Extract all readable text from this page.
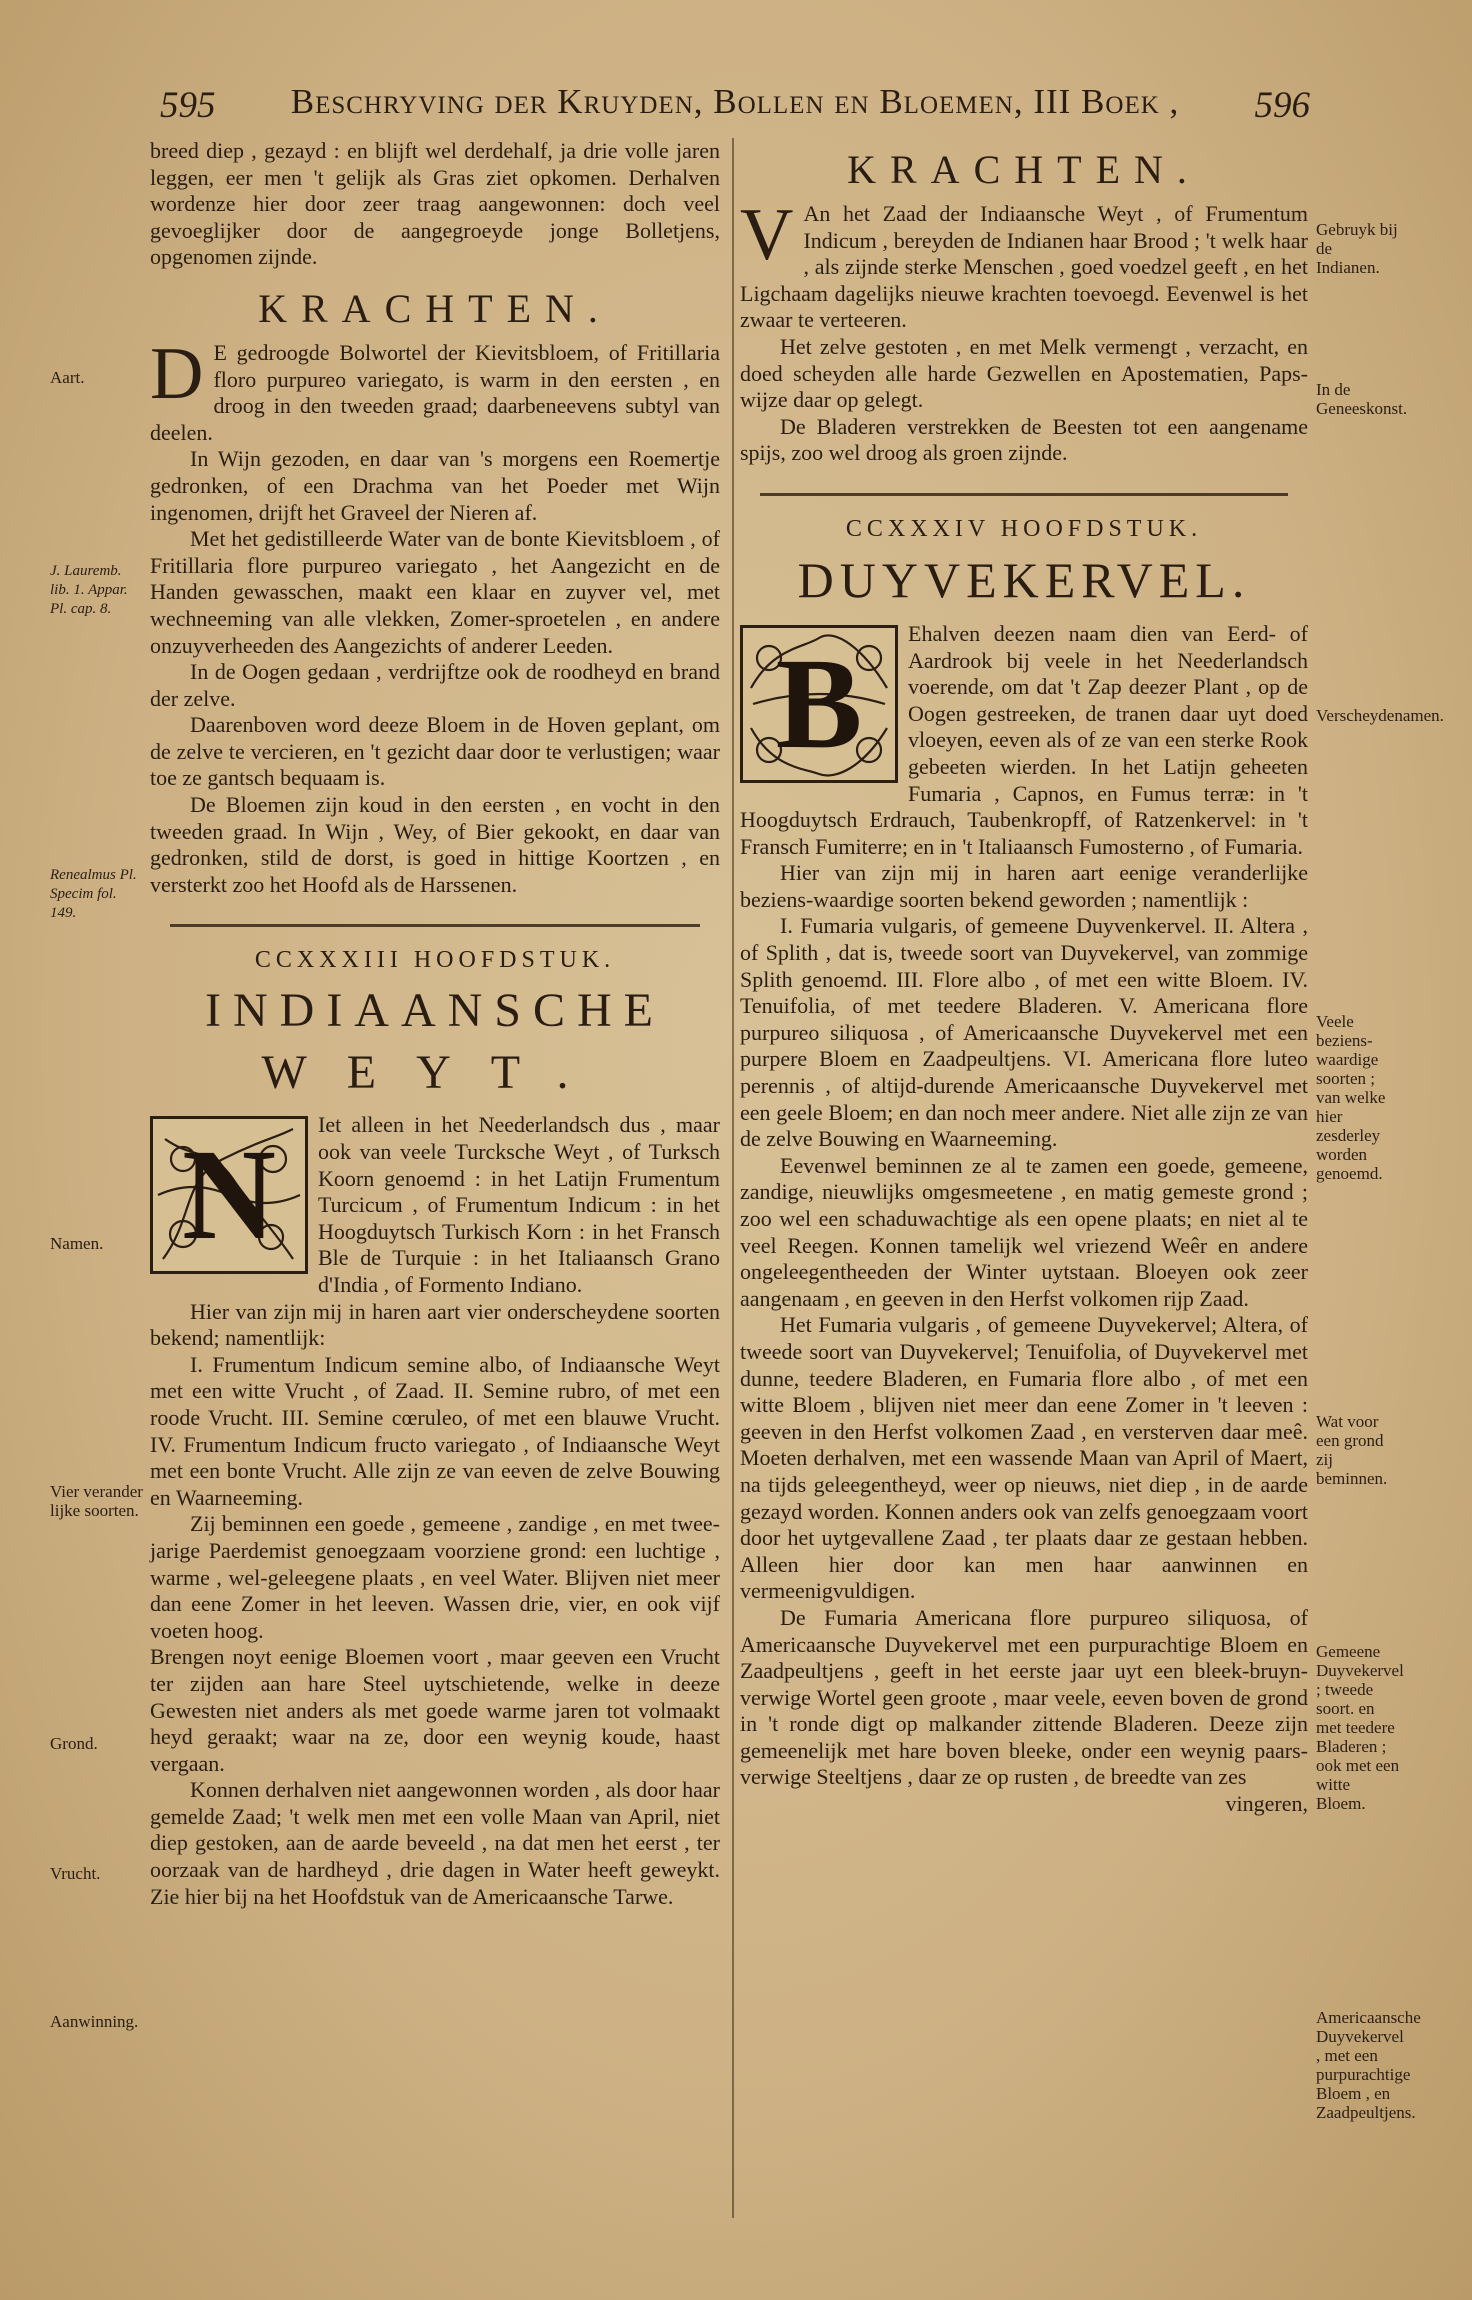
595	Beschryving der Kruyden, Bollen en Bloemen, III Boek ,	596

breed diep , gezayd : en blijft wel derdehalf, ja drie volle jaren leggen, eer men 't gelijk als Gras ziet opkomen. Derhalven wordenze hier door zeer traag aangewonnen: doch veel gevoeglijker door de aangegroeyde jonge Bolletjens, opgenomen zijnde.

KRACHTEN.

D E gedroogde Bolwortel der Kievitsbloem, of Fritillaria floro purpureo variegato, is warm in den eersten , en droog in den tweeden graad; daarbeneevens subtyl van deelen.

In Wijn gezoden, en daar van 's morgens een Roemertje gedronken, of een Drachma van het Poeder met Wijn ingenomen, drijft het Graveel der Nieren af.

Met het gedistilleerde Water van de bonte Kievitsbloem , of Fritillaria flore purpureo variegato , het Aangezicht en de Handen gewasschen, maakt een klaar en zuyver vel, met wechneeming van alle vlekken, Zomer-sproetelen , en andere onzuyverheeden des Aangezichts of anderer Leeden.

In de Oogen gedaan , verdrijftze ook de roodheyd en brand der zelve.

Daarenboven word deeze Bloem in de Hoven geplant, om de zelve te vercieren, en 't gezicht daar door te verlustigen; waar toe ze gantsch bequaam is.

De Bloemen zijn koud in den eersten , en vocht in den tweeden graad. In Wijn , Wey, of Bier gekookt, en daar van gedronken, stild de dorst, is goed in hittige Koortzen , en versterkt zoo het Hoofd als de Harssenen.

CCXXXIII HOOFDSTUK.
INDIAANSCHE
WEYT.

N	Iet alleen in het Neederlandsch dus , maar ook van veele Turcksche Weyt , of Turksch Koorn genoemd : in het Latijn Frumentum Turcicum , of Frumentum Indicum : in het Hoogduytsch Turkisch Korn : in het Fransch Ble de Turquie : in het Italiaansch Grano d'India , of Formento Indiano.

Hier van zijn mij in haren aart vier onderscheydene soorten bekend; namentlijk:

I. Frumentum Indicum semine albo, of Indiaansche Weyt met een witte Vrucht , of Zaad. II. Semine rubro, of met een roode Vrucht. III. Semine cœruleo, of met een blauwe Vrucht. IV. Frumentum Indicum fructo variegato , of Indiaansche Weyt met een bonte Vrucht. Alle zijn ze van eeven de zelve Bouwing en Waarneeming.

Zij beminnen een goede , gemeene , zandige , en met twee-jarige Paerdemist genoegzaam voorziene grond: een luchtige , warme , wel-geleegene plaats , en veel Water. Blijven niet meer dan eene Zomer in het leeven. Wassen drie, vier, en ook vijf voeten hoog.

Brengen noyt eenige Bloemen voort , maar geeven een Vrucht ter zijden aan hare Steel uytschietende, welke in deeze Gewesten niet anders als met goede warme jaren tot volmaakt heyd geraakt; waar na ze, door een weynig koude, haast vergaan.

Konnen derhalven niet aangewonnen worden , als door haar gemelde Zaad; 't welk men met een volle Maan van April, niet diep gestoken, aan de aarde beveeld , na dat men het eerst , ter oorzaak van de hardheyd , drie dagen in Water heeft geweykt. Zie hier bij na het Hoofdstuk van de Americaansche Tarwe.

Aart.
J. Lauremb. lib. 1. Appar. Pl. cap. 8.
Renealmus Pl. Specim fol. 149.
Namen.
Vier verander lijke soorten.
Grond.
Vrucht.
Aanwinning.
KRACHTEN.

V An het Zaad der Indiaansche Weyt , of Frumentum Indicum , bereyden de Indianen haar Brood ; 't welk haar , als zijnde sterke Menschen , goed voedzel geeft , en het Ligchaam dagelijks nieuwe krachten toevoegd. Eevenwel is het zwaar te verteeren.

Het zelve gestoten , en met Melk vermengt , verzacht, en doed scheyden alle harde Gezwellen en Apostematien, Paps-wijze daar op gelegt.

De Bladeren verstrekken de Beesten tot een aangename spijs, zoo wel droog als groen zijnde.

CCXXXIV HOOFDSTUK.
DUYVEKERVEL.

B	Ehalven deezen naam dien van Eerd- of Aardrook bij veele in het Neederlandsch voerende, om dat 't Zap deezer Plant , op de Oogen gestreeken, de tranen daar uyt doed vloeyen, eeven als of ze van een sterke Rook gebeeten wierden. In het Latijn geheeten Fumaria , Capnos, en Fumus terræ: in 't Hoogduytsch Erdrauch, Taubenkropff, of Ratzenkervel: in 't Fransch Fumiterre; en in 't Italiaansch Fumosterno , of Fumaria.

Hier van zijn mij in haren aart eenige veranderlijke beziens-waardige soorten bekend geworden ; namentlijk :

I. Fumaria vulgaris, of gemeene Duyvenkervel. II. Altera , of Splith , dat is, tweede soort van Duyvekervel, van zommige Splith genoemd. III. Flore albo , of met een witte Bloem. IV. Tenuifolia, of met teedere Bladeren. V. Americana flore purpureo siliquosa , of Americaansche Duyvekervel met een purpere Bloem en Zaadpeultjens. VI. Americana flore luteo perennis , of altijd-durende Americaansche Duyvekervel met een geele Bloem; en dan noch meer andere. Niet alle zijn ze van de zelve Bouwing en Waarneeming.

Eevenwel beminnen ze al te zamen een goede, gemeene, zandige, nieuwlijks omgesmeetene , en matig gemeste grond ; zoo wel een schaduwachtige als een opene plaats; en niet al te veel Reegen. Konnen tamelijk wel vriezend Weêr en andere ongeleegentheeden der Winter uytstaan. Bloeyen ook zeer aangenaam , en geeven in den Herfst volkomen rijp Zaad.

Het Fumaria vulgaris , of gemeene Duyvekervel; Altera, of tweede soort van Duyvekervel; Tenuifolia, of Duyvekervel met dunne, teedere Bladeren, en Fumaria flore albo , of met een witte Bloem , blijven niet meer dan eene Zomer in 't leeven : geeven in den Herfst volkomen Zaad , en versterven daar meê. Moeten derhalven, met een wassende Maan van April of Maert, na tijds geleegentheyd, weer op nieuws, niet diep , in de aarde gezayd worden. Konnen anders ook van zelfs genoegzaam voort door het uytgevallene Zaad , ter plaats daar ze gestaan hebben. Alleen hier door kan men haar aanwinnen en vermeenigvuldigen.

De Fumaria Americana flore purpureo siliquosa, of Americaansche Duyvekervel met een purpurachtige Bloem en Zaadpeultjens , geeft in het eerste jaar uyt een bleek-bruyn-verwige Wortel geen groote , maar veele, eeven boven de grond in 't ronde digt op malkander zittende Bladeren. Deeze zijn gemeenelijk met hare boven bleeke, onder een weynig paars-verwige Steeltjens , daar ze op rusten , de breedte van zes

vingeren,

Gebruyk bij de Indianen.
In de Geneeskonst.
Verscheydenamen.
Veele beziens-waardige soorten ; van welke hier zesderley worden genoemd.
Wat voor een grond zij beminnen.
Gemeene Duyvekervel ; tweede soort. en met teedere Bladeren ; ook met een witte Bloem.
Americaansche Duyvekervel , met een purpurachtige Bloem , en Zaadpeultjens.
